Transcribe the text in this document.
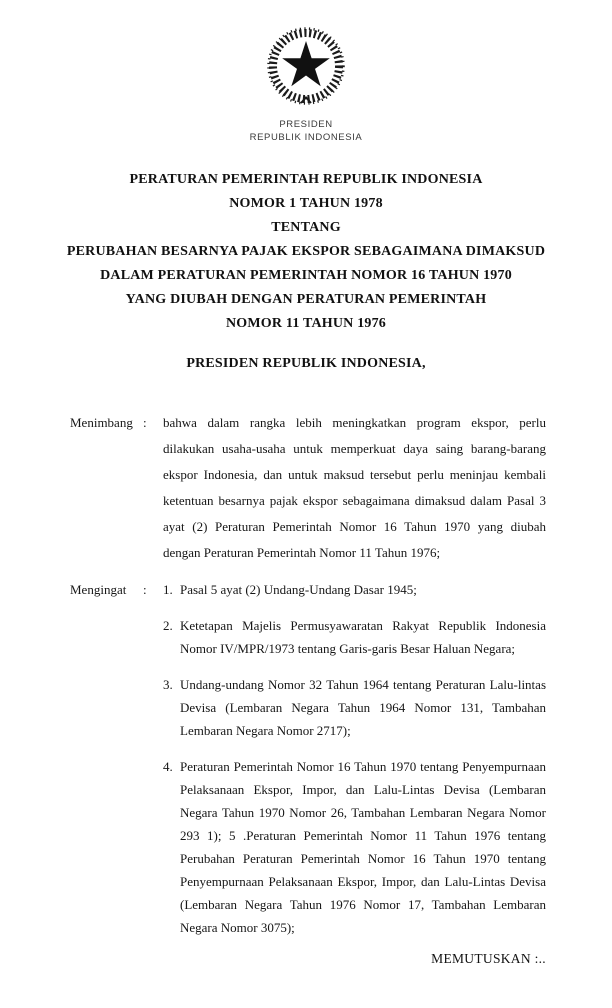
PRESIDEN
REPUBLIK INDONESIA
PERATURAN PEMERINTAH REPUBLIK INDONESIA
NOMOR 1 TAHUN 1978
TENTANG
PERUBAHAN BESARNYA PAJAK EKSPOR SEBAGAIMANA DIMAKSUD
DALAM PERATURAN PEMERINTAH NOMOR 16 TAHUN 1970
YANG DIUBAH DENGAN PERATURAN PEMERINTAH
NOMOR 11 TAHUN 1976
PRESIDEN REPUBLIK INDONESIA,
Menimbang :	bahwa dalam rangka lebih meningkatkan program ekspor, perlu dilakukan usaha-usaha untuk memperkuat daya saing barang-barang ekspor Indonesia, dan untuk maksud tersebut perlu meninjau kembali ketentuan besarnya pajak ekspor sebagaimana dimaksud dalam Pasal 3 ayat (2) Peraturan Pemerintah Nomor 16 Tahun 1970 yang diubah dengan Peraturan Pemerintah Nomor 11 Tahun 1976;
Mengingat	:	1. Pasal 5 ayat (2) Undang-Undang Dasar 1945;
2. Ketetapan Majelis Permusyawaratan Rakyat Republik Indonesia Nomor IV/MPR/1973 tentang Garis-garis Besar Haluan Negara;
3. Undang-undang Nomor 32 Tahun 1964 tentang Peraturan Lalu-lintas Devisa (Lembaran Negara Tahun 1964 Nomor 131, Tambahan Lembaran Negara Nomor 2717);
4. Peraturan Pemerintah Nomor 16 Tahun 1970 tentang Penyempurnaan Pelaksanaan Ekspor, Impor, dan Lalu-Lintas Devisa (Lembaran Negara Tahun 1970 Nomor 26, Tambahan Lembaran Negara Nomor 293 1); 5 .Peraturan Pemerintah Nomor 11 Tahun 1976 tentang Perubahan Peraturan Pemerintah Nomor 16 Tahun 1970 tentang Penyempurnaan Pelaksanaan Ekspor, Impor, dan Lalu-Lintas Devisa (Lembaran Negara Tahun 1976 Nomor 17, Tambahan Lembaran Negara Nomor 3075);
MEMUTUSKAN :..
